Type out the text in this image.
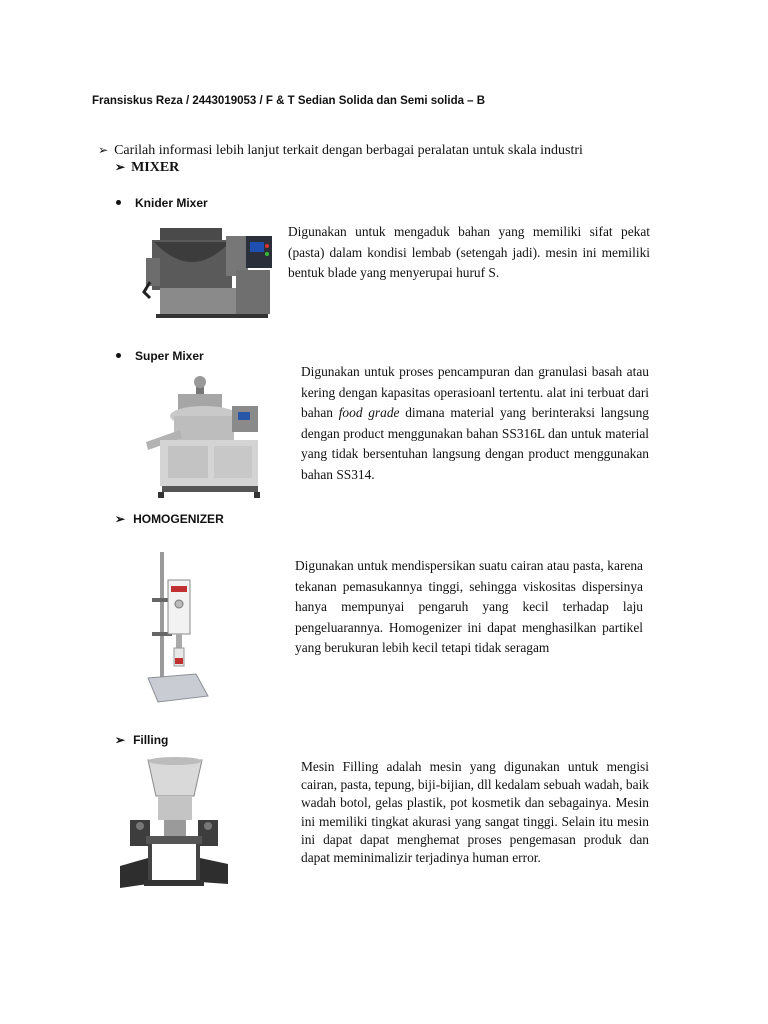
Fransiskus Reza / 2443019053 / F & T Sedian Solida dan Semi solida – B
➢ Carilah informasi lebih lanjut terkait dengan berbagai peralatan untuk skala industri
➢ MIXER
Knider Mixer
Digunakan untuk mengaduk bahan yang memiliki sifat pekat (pasta) dalam kondisi lembab (setengah jadi). mesin ini memiliki bentuk blade yang menyerupai huruf S.
Super Mixer
Digunakan untuk proses pencampuran dan granulasi basah atau kering dengan kapasitas operasioanl tertentu. alat ini terbuat dari bahan food grade dimana material yang berinteraksi langsung dengan product menggunakan bahan SS316L dan untuk material yang tidak bersentuhan langsung dengan product menggunakan bahan SS314.
➢ HOMOGENIZER
Digunakan untuk mendispersikan suatu cairan atau pasta, karena tekanan pemasukannya tinggi, sehingga viskositas dispersinya hanya mempunyai pengaruh yang kecil terhadap laju pengeluarannya. Homogenizer ini dapat menghasilkan partikel yang berukuran lebih kecil tetapi tidak seragam
➢ Filling
Mesin Filling adalah mesin yang digunakan untuk mengisi cairan, pasta, tepung, biji-bijian, dll kedalam sebuah wadah, baik wadah botol, gelas plastik, pot kosmetik dan sebagainya. Mesin ini memiliki tingkat akurasi yang sangat tinggi. Selain itu mesin ini dapat dapat menghemat proses pengemasan produk dan dapat meminimalizir terjadinya human error.
